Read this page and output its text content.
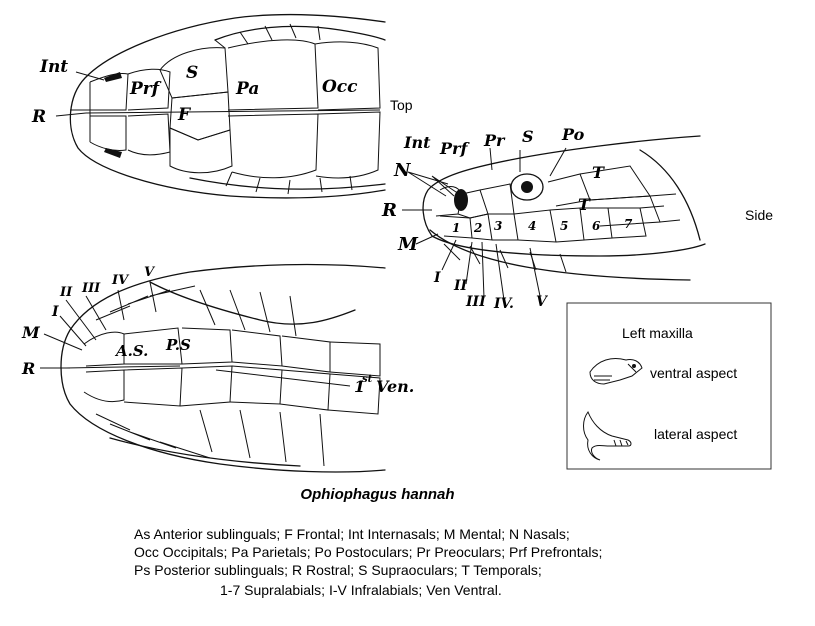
Int
Prf
S
Pa	Occ
R	F	Top
Int Prf Pr S Po
N
R
M
T
T
1 2 3 4 5 6 7
I II
III IV. V
Side
II III
IV
V
I
M
R
A.S. P.S
1
st Ven.
Left maxilla
ventral aspect
lateral aspect
Ophiophagus hannah
As Anterior sublinguals; F Frontal; Int Internasals; M Mental; N Nasals;
Occ Occipitals; Pa Parietals; Po Postoculars; Pr Preoculars; Prf Prefrontals;
Ps Posterior sublinguals; R Rostral; S Supraoculars; T Temporals;
1-7 Supralabials; I-V Infralabials; Ven Ventral.
